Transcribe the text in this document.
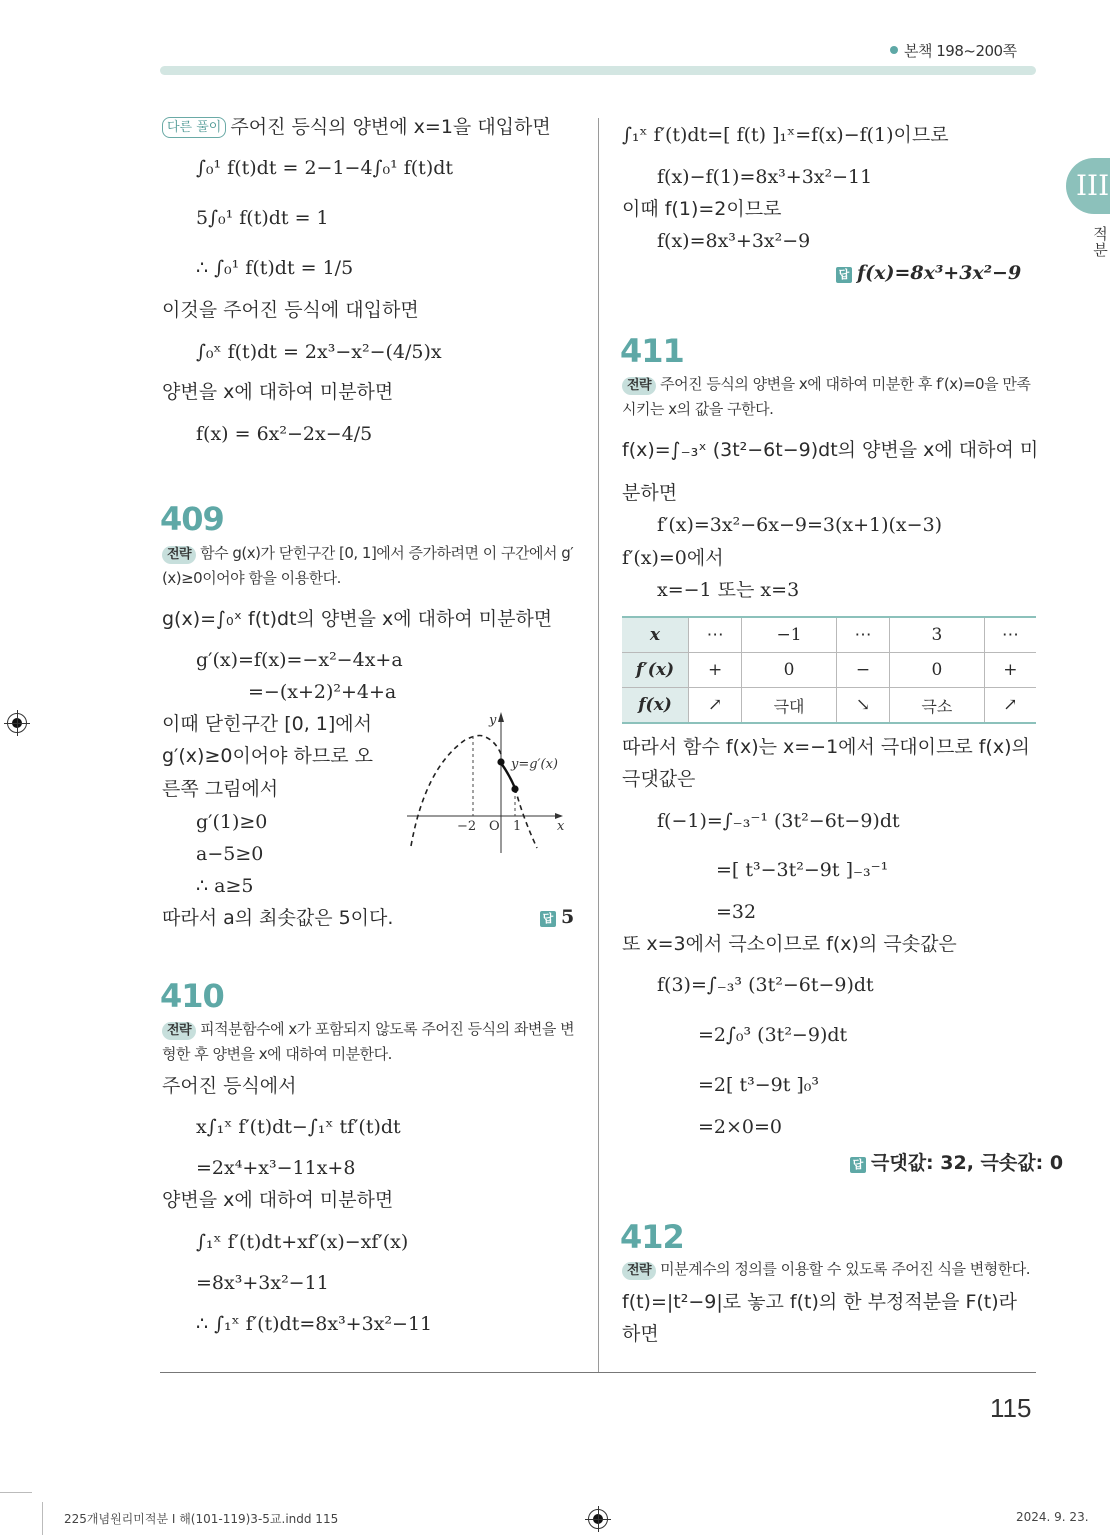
본책 198~200쪽
III
적분
다른 풀이 주어진 등식의 양변에 x=1을 대입하면
∫₀¹ f(t)dt = 2−1−4∫₀¹ f(t)dt
5∫₀¹ f(t)dt = 1
∴ ∫₀¹ f(t)dt = 1/5
이것을 주어진 등식에 대입하면
∫₀ˣ f(t)dt = 2x³−x²−(4/5)x
양변을 x에 대하여 미분하면
f(x) = 6x²−2x−4/5
409
전략 함수 g(x)가 닫힌구간 [0, 1]에서 증가하려면 이 구간에서 g′(x)≥0이어야 함을 이용한다.
g(x)=∫₀ˣ f(t)dt의 양변을 x에 대하여 미분하면
g′(x)=f(x)=−x²−4x+a
=−(x+2)²+4+a
이때 닫힌구간 [0, 1]에서
g′(x)≥0이어야 하므로 오
른쪽 그림에서
g′(1)≥0
a−5≥0
∴ a≥5
따라서 a의 최솟값은 5이다.	답 5
y
x
−2 O 1
y=g′(x)
410
전략 피적분함수에 x가 포함되지 않도록 주어진 등식의 좌변을 변형한 후 양변을 x에 대하여 미분한다.
주어진 등식에서
x∫₁ˣ f′(t)dt−∫₁ˣ tf′(t)dt
=2x⁴+x³−11x+8
양변을 x에 대하여 미분하면
∫₁ˣ f′(t)dt+xf′(x)−xf′(x)
=8x³+3x²−11
∴ ∫₁ˣ f′(t)dt=8x³+3x²−11
∫₁ˣ f′(t)dt=[ f(t) ]₁ˣ=f(x)−f(1)이므로
f(x)−f(1)=8x³+3x²−11
이때 f(1)=2이므로
f(x)=8x³+3x²−9
답 f(x)=8x³+3x²−9
411
전략 주어진 등식의 양변을 x에 대하여 미분한 후 f′(x)=0을 만족시키는 x의 값을 구한다.
f(x)=∫₋₃ˣ (3t²−6t−9)dt의 양변을 x에 대하여 미
분하면
f′(x)=3x²−6x−9=3(x+1)(x−3)
f′(x)=0에서
x=−1 또는 x=3
x	⋯	−1	⋯	3	⋯
f′(x)	+	0	−	0	+
f(x)	↗	극대	↘	극소	↗
따라서 함수 f(x)는 x=−1에서 극대이므로 f(x)의
극댓값은
f(−1)=∫₋₃⁻¹ (3t²−6t−9)dt
=[ t³−3t²−9t ]₋₃⁻¹
=32
또 x=3에서 극소이므로 f(x)의 극솟값은
f(3)=∫₋₃³ (3t²−6t−9)dt
=2∫₀³ (3t²−9)dt
=2[ t³−9t ]₀³
=2×0=0
답 극댓값: 32, 극솟값: 0
412
전략 미분계수의 정의를 이용할 수 있도록 주어진 식을 변형한다.
f(t)=|t²−9|로 놓고 f(t)의 한 부정적분을 F(t)라
하면
115
225개념원리미적분 I 해(101-119)3-5교.indd 115	2024. 9. 23.
